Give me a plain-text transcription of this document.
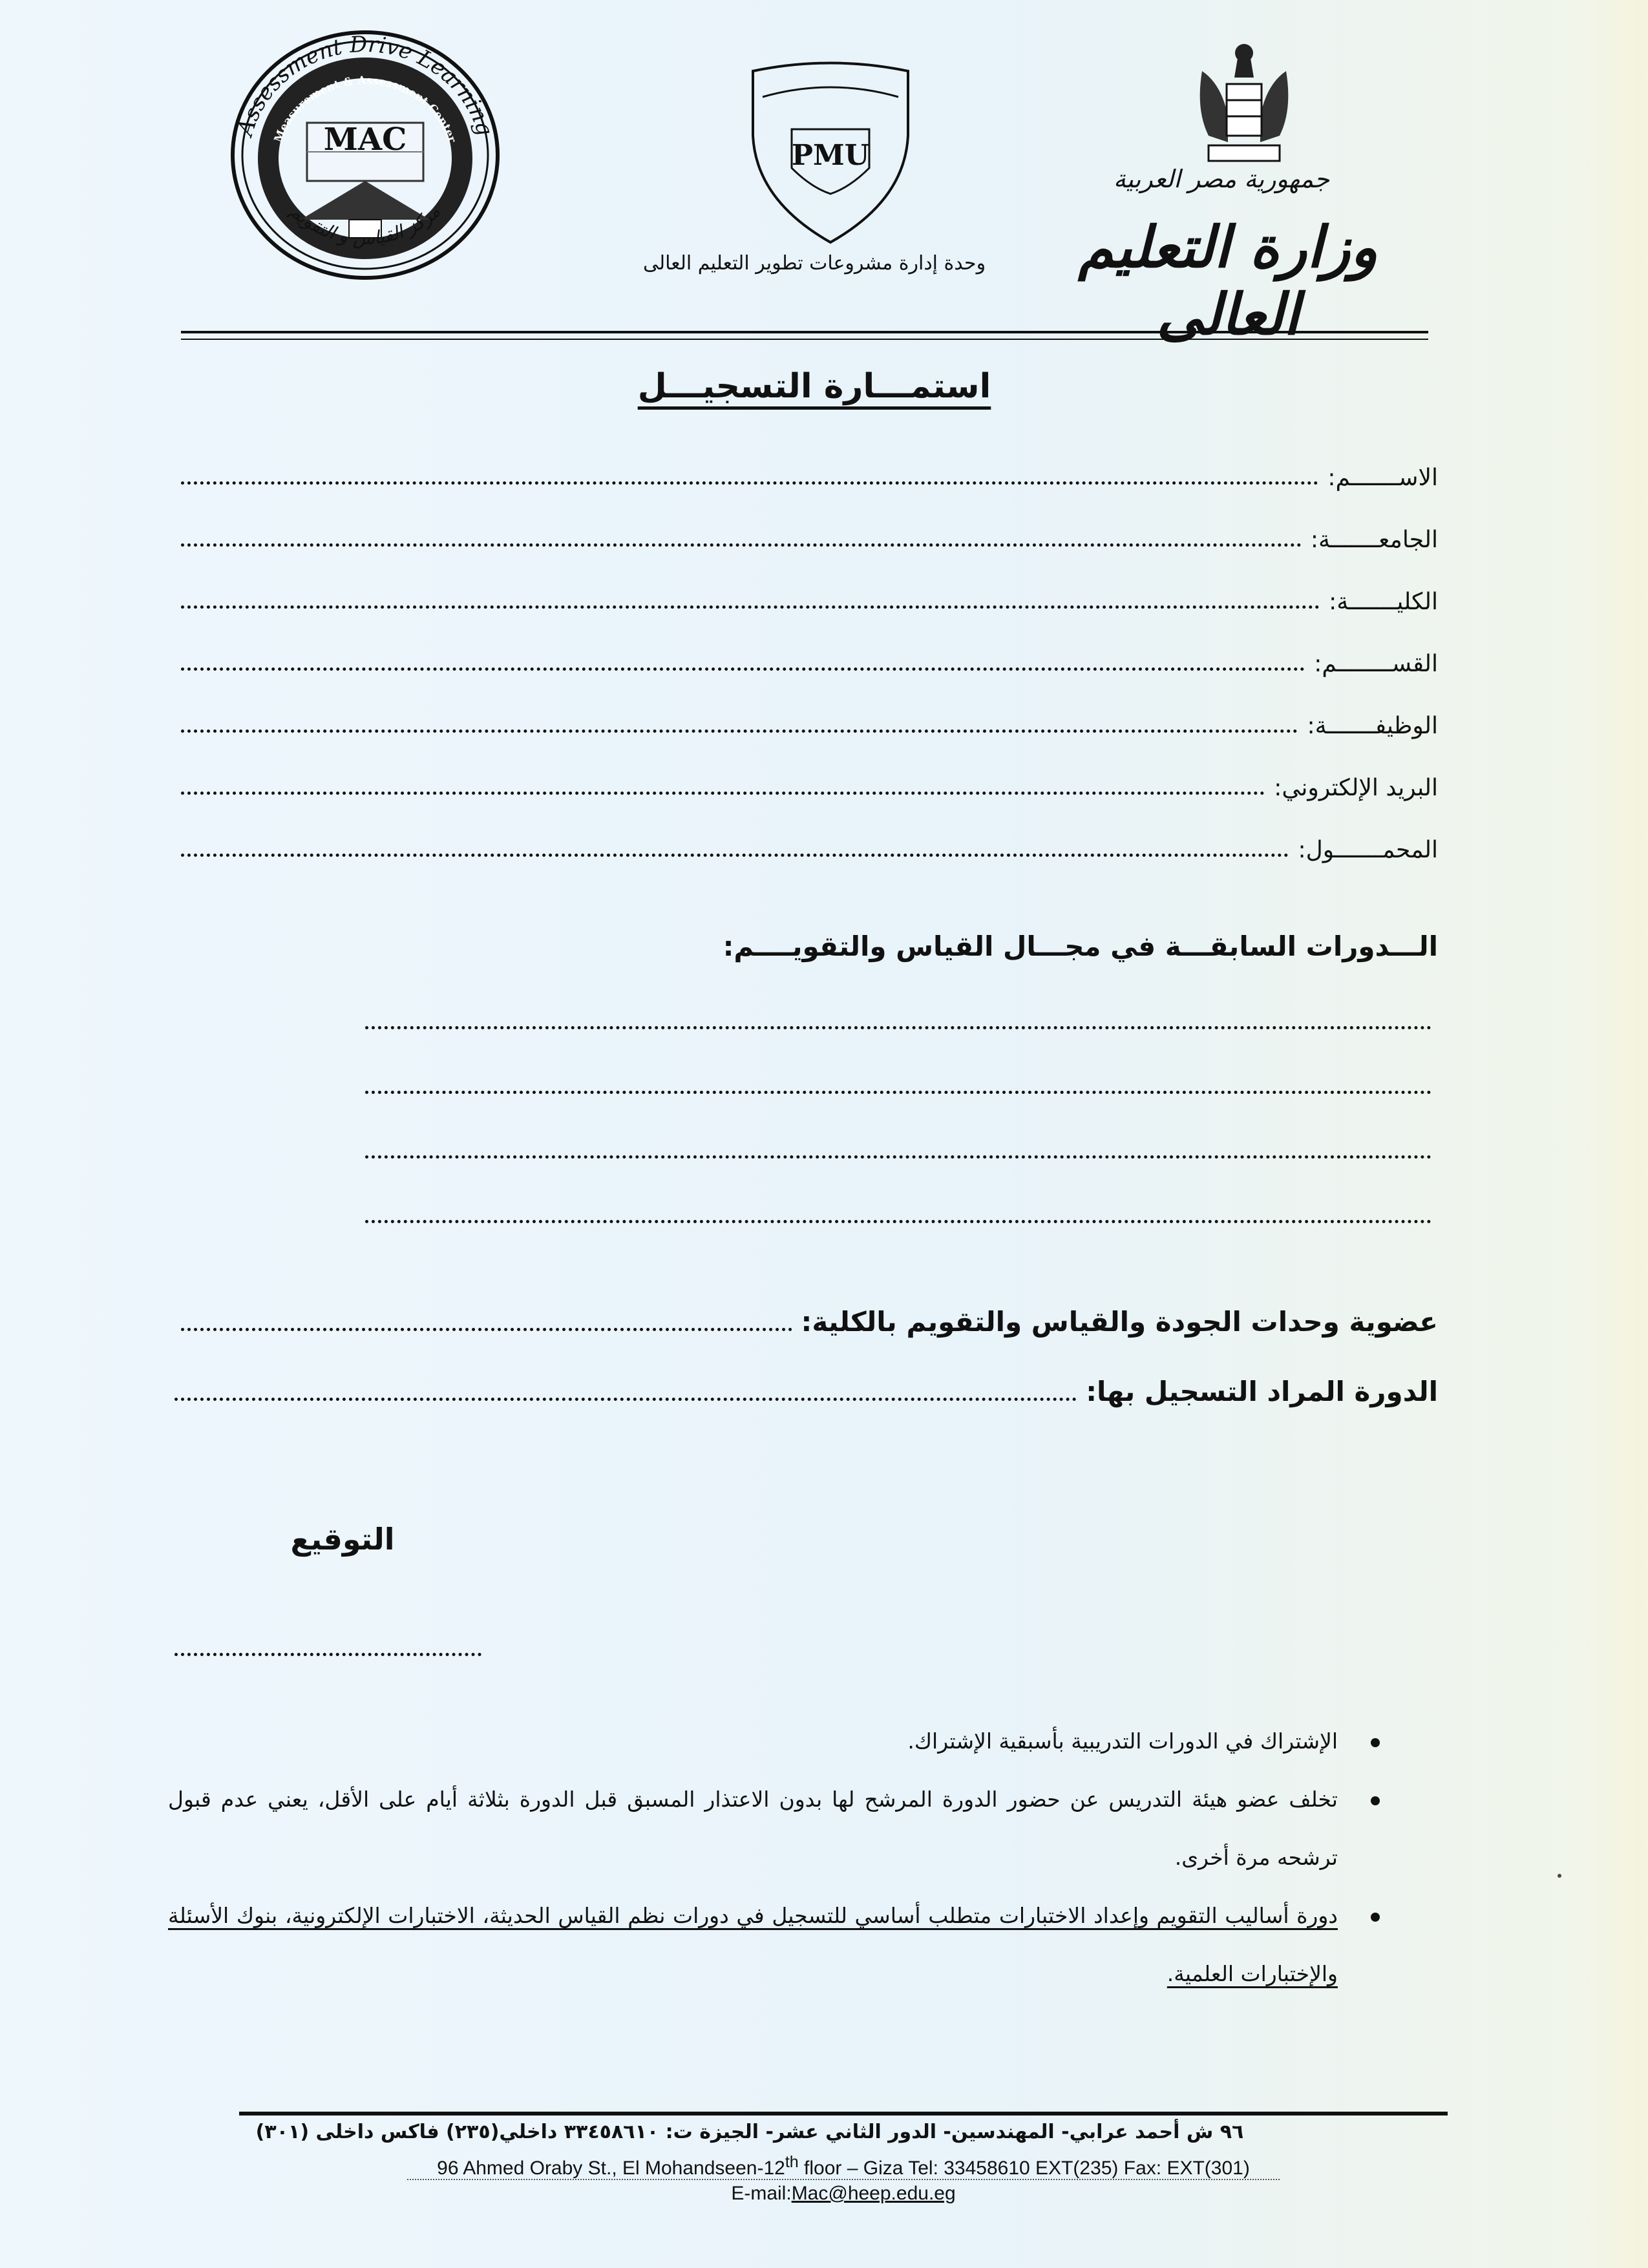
Assessment Drive Learning
Measurement & Assessment Center
MAC
مركز القياس و التقويم
PMU
وحدة إدارة مشروعات تطوير التعليم العالى
جمهورية مصر العربية
وزارة التعليم العالى
استمـــارة التسجيـــل
الاســـــــم:
الجامعـــــــة:
الكليـــــــة:
القســــــــم:
الوظيفـــــــة:
البريد الإلكتروني:
المحمـــــــول:
الـــدورات السابقـــة في مجـــال القياس والتقويــــم:
عضوية وحدات الجودة والقياس والتقويم بالكلية:
الدورة المراد التسجيل بها:
التوقيع
الإشتراك في الدورات التدريبية بأسبقية الإشتراك.
تخلف عضو هيئة التدريس عن حضور الدورة المرشح لها بدون الاعتذار المسبق قبل الدورة بثلاثة أيام على الأقل، يعني عدم قبول ترشحه مرة أخرى.
دورة أساليب التقويم وإعداد الاختبارات متطلب أساسي للتسجيل في دورات نظم القياس الحديثة، الاختبارات الإلكترونية، بنوك الأسئلة والإختبارات العلمية.
٩٦ ش أحمد عرابي- المهندسين- الدور الثاني عشر- الجيزة ت: ٣٣٤٥٨٦١٠ داخلي(٢٣٥) فاكس داخلى (٣٠١)
96 Ahmed Oraby St., El Mohandseen-12th floor – Giza Tel: 33458610 EXT(235) Fax: EXT(301)
E-mail:Mac@heep.edu.eg
